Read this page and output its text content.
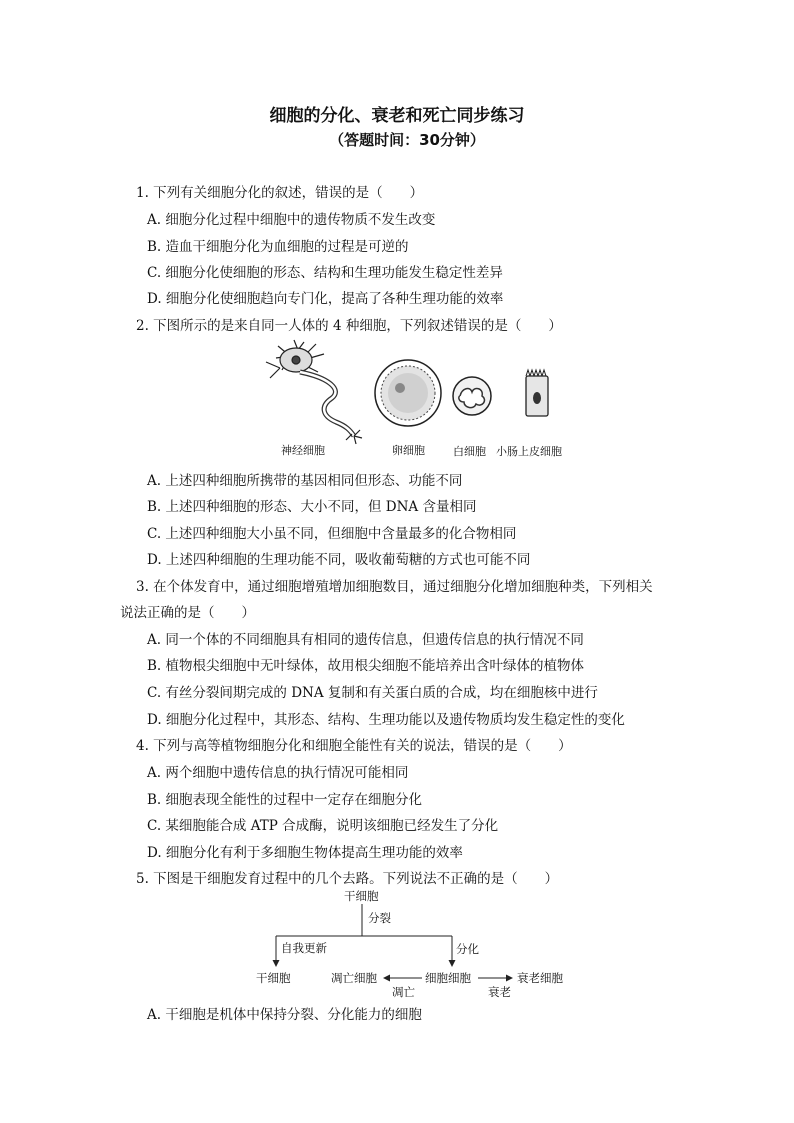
细胞的分化、衰老和死亡同步练习
（答题时间：30分钟）
1. 下列有关细胞分化的叙述，错误的是（　　）
A. 细胞分化过程中细胞中的遗传物质不发生改变
B. 造血干细胞分化为血细胞的过程是可逆的
C. 细胞分化使细胞的形态、结构和生理功能发生稳定性差异
D. 细胞分化使细胞趋向专门化，提高了各种生理功能的效率
2. 下图所示的是来自同一人体的 4 种细胞，下列叙述错误的是（　　）
神经细胞	卵细胞	白细胞 小肠上皮细胞
A. 上述四种细胞所携带的基因相同但形态、功能不同
B. 上述四种细胞的形态、大小不同，但 DNA 含量相同
C. 上述四种细胞大小虽不同，但细胞中含量最多的化合物相同
D. 上述四种细胞的生理功能不同，吸收葡萄糖的方式也可能不同
3. 在个体发育中，通过细胞增殖增加细胞数目，通过细胞分化增加细胞种类，下列相关
说法正确的是（　　）
A. 同一个体的不同细胞具有相同的遗传信息，但遗传信息的执行情况不同
B. 植物根尖细胞中无叶绿体，故用根尖细胞不能培养出含叶绿体的植物体
C. 有丝分裂间期完成的 DNA 复制和有关蛋白质的合成，均在细胞核中进行
D. 细胞分化过程中，其形态、结构、生理功能以及遗传物质均发生稳定性的变化
4. 下列与高等植物细胞分化和细胞全能性有关的说法，错误的是（　　）
A. 两个细胞中遗传信息的执行情况可能相同
B. 细胞表现全能性的过程中一定存在细胞分化
C. 某细胞能合成 ATP 合成酶，说明该细胞已经发生了分化
D. 细胞分化有利于多细胞生物体提高生理功能的效率
5. 下图是干细胞发育过程中的几个去路。下列说法不正确的是（　　）
干细胞
分裂
自我更新	分化
干细胞	凋亡细胞	细胞细胞	衰老细胞
凋亡	衰老
A. 干细胞是机体中保持分裂、分化能力的细胞
